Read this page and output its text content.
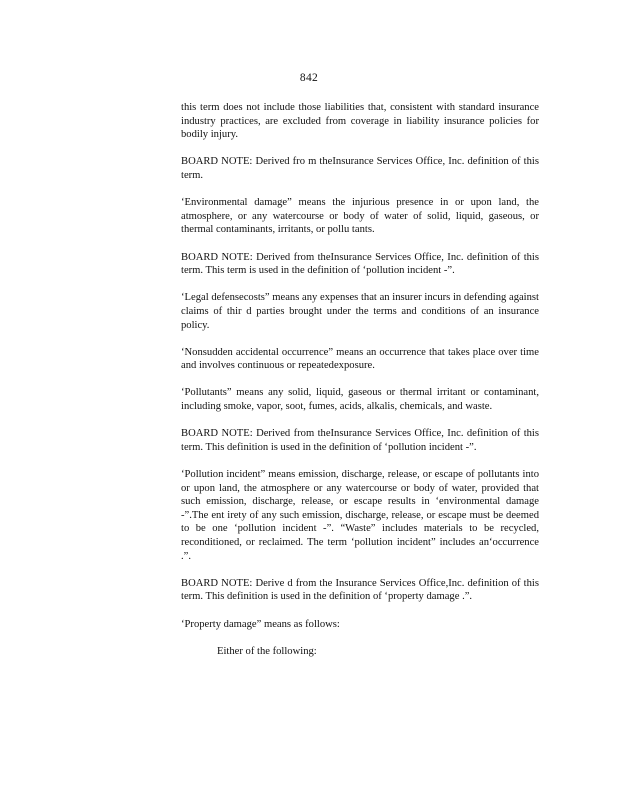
842

this term does not include those liabilities that, consistent with standard insurance industry practices, are excluded from coverage in liability insurance policies for bodily injury.

BOARD NOTE: Derived fro m theInsurance Services Office, Inc. definition of this term.

‘Environmental damage” means the injurious presence in or upon land, the atmosphere, or any watercourse or body of water of solid, liquid, gaseous, or thermal contaminants, irritants, or pollu tants.

BOARD NOTE: Derived from theInsurance Services Office, Inc. definition of this term. This term is used in the definition of ‘pollution incident -”.

‘Legal defensecosts” means any expenses that an insurer incurs in defending against claims of thir d parties brought under the terms and conditions of an insurance policy.

‘Nonsudden accidental occurrence” means an occurrence that takes place over time and involves continuous or repeatedexposure.

‘Pollutants” means any solid, liquid, gaseous or thermal irritant or contaminant, including smoke, vapor, soot, fumes, acids, alkalis, chemicals, and waste.

BOARD NOTE: Derived from theInsurance Services Office, Inc. definition of this term. This definition is used in the definition of ‘pollution incident -”.

‘Pollution incident” means emission, discharge, release, or escape of pollutants into or upon land, the atmosphere or any watercourse or body of water, provided that such emission, discharge, release, or escape results in ‘environmental damage -”.The ent irety of any such emission, discharge, release, or escape must be deemed to be one ‘pollution incident -”. “Waste” includes materials to be recycled, reconditioned, or reclaimed. The term ‘pollution incident” includes an‘occurrence .”.

BOARD NOTE: Derive d from the Insurance Services Office,Inc. definition of this term. This definition is used in the definition of ‘property damage .”.

‘Property damage” means as follows:

Either of the following:
